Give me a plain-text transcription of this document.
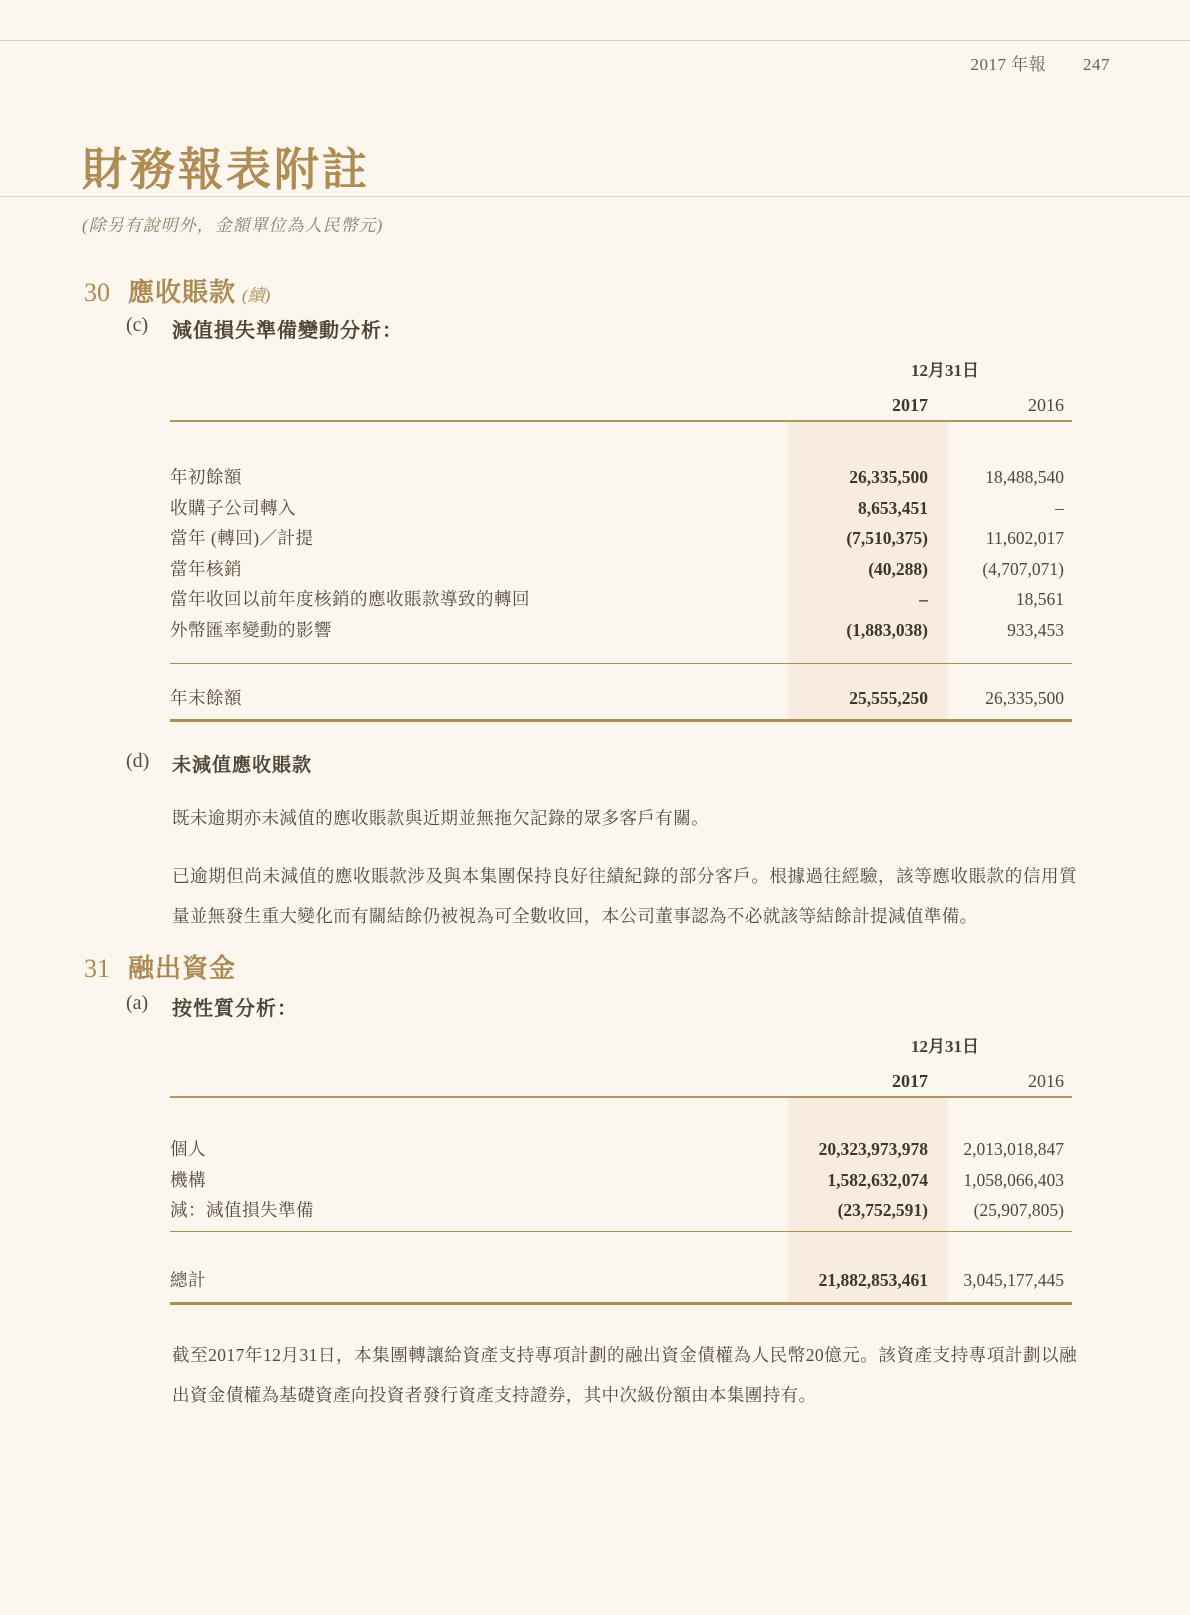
2017 年報 247
財務報表附註
(除另有說明外，金額單位為人民幣元)
30 應收賬款 (續)
(c) 減值損失準備變動分析：
12月31日
2017	2016
年初餘額	26,335,500	18,488,540
收購子公司轉入	8,653,451	–
當年 (轉回)／計提	(7,510,375)	11,602,017
當年核銷	(40,288)	(4,707,071)
當年收回以前年度核銷的應收賬款導致的轉回	–	18,561
外幣匯率變動的影響	(1,883,038)	933,453
年末餘額	25,555,250	26,335,500
(d) 未減值應收賬款
既未逾期亦未減值的應收賬款與近期並無拖欠記錄的眾多客戶有關。
已逾期但尚未減值的應收賬款涉及與本集團保持良好往績紀錄的部分客戶。根據過往經驗，該等應收賬款的信用質量並無發生重大變化而有關結餘仍被視為可全數收回，本公司董事認為不必就該等結餘計提減值準備。
31 融出資金
(a) 按性質分析：
12月31日
2017	2016
個人	20,323,973,978	2,013,018,847
機構	1,582,632,074	1,058,066,403
減：減值損失準備	(23,752,591)	(25,907,805)
總計	21,882,853,461	3,045,177,445
截至2017年12月31日，本集團轉讓給資產支持專項計劃的融出資金債權為人民幣20億元。該資產支持專項計劃以融出資金債權為基礎資產向投資者發行資產支持證券，其中次級份額由本集團持有。
